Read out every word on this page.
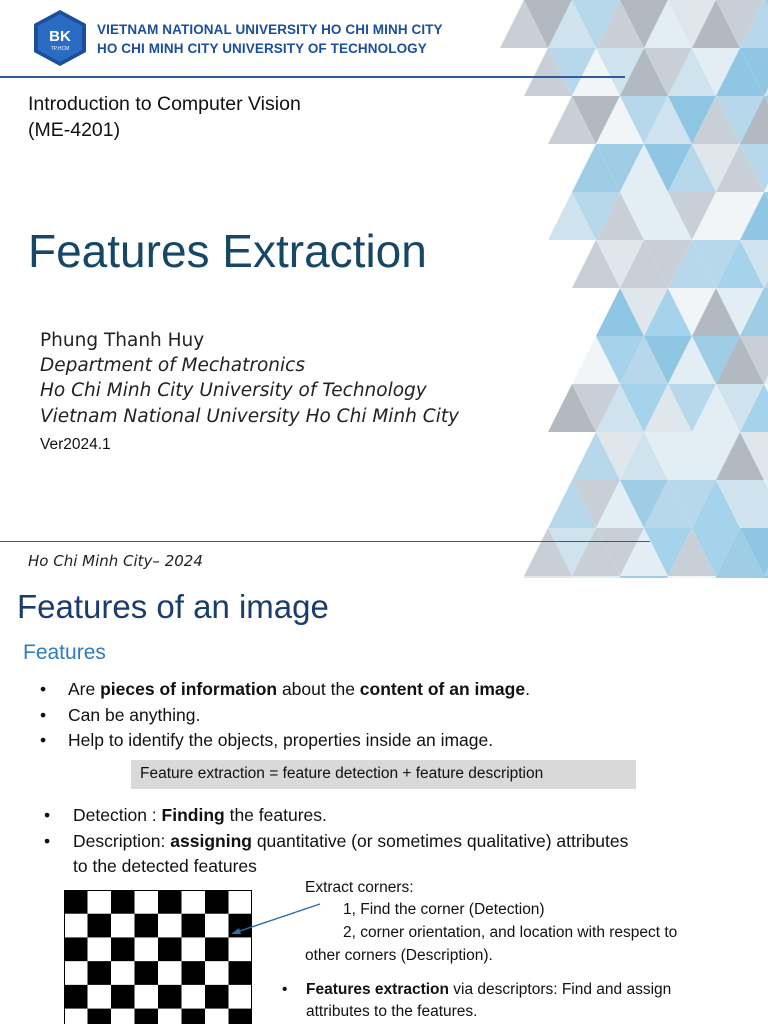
BK
TP.HCM
VIETNAM NATIONAL UNIVERSITY HO CHI MINH CITY
HO CHI MINH CITY UNIVERSITY OF TECHNOLOGY
Introduction to Computer Vision
(ME-4201)
Features Extraction
Phung Thanh Huy
Department of Mechatronics
Ho Chi Minh City University of Technology
Vietnam National University Ho Chi Minh City
Ver2024.1
Ho Chi Minh City– 2024
Features of an image
Features
• Are pieces of information about the content of an image.
• Can be anything.
• Help to identify the objects, properties inside an image.
Feature extraction = feature detection + feature description
• Detection : Finding the features.
• Description: assigning quantitative (or sometimes qualitative) attributes
to the detected features
Extract corners:
1, Find the corner (Detection)
2, corner orientation, and location with respect to
other corners (Description).
• Features extraction via descriptors: Find and assign
attributes to the features.
